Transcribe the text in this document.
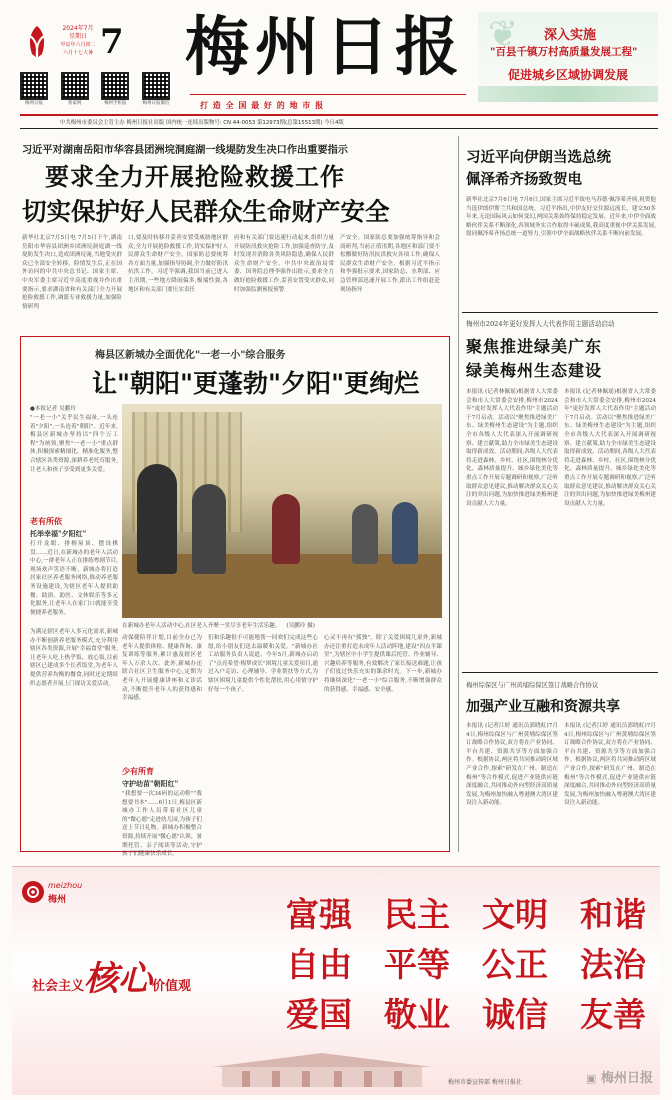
2024年7月
星期日
甲辰年六月初二
六月十七大暑 7
梅州日报	客家网	梅州手机报	梅州日报微信
梅州日报
打 造 全 国 最 好 的 地 市 报
❦ 深入实施
"百县千镇万村高质量发展工程"
促进城乡区域协调发展
中共梅州市委员会主管主办 梅州日报社出版 国内统一连续出版物号: CN 44-0053 第12973期(总第15513期) 今日4版
习近平对湖南岳阳市华容县团洲垸洞庭湖一线堤防发生决口作出重要指示
要求全力开展抢险救援工作
切实保护好人民群众生命财产安全
新华社北京7月5日电 7月5日下午,湖南岳阳市华容县团洲乡团洲垸洞庭湖一线堤防发生决口,造成团洲垸淹,当地受灾群众已全部安全转移。险情发生后,正在国外访问的中共中央总书记、国家主席、中央军委主席习近平高度重视并作出重要指示,要求湖南省和有关部门全力开展抢险救援工作,调派专业救援力量,加强险情研判
口,要及时转移并妥善安置受威胁地区群众,全力开展抢险救援工作,切实保护好人民群众生命财产安全。国家防总要统筹各方面力量,加强指导协调,全力做好防汛抗洪工作。习近平强调,我国当前已进入主汛期,一些地方降雨偏多,极端性强,各地区和有关部门要压实责任
府和有关部门要迅速行动起来,组织力量开展防汛救灾抢险工作,加强巡查防守,及时发现并消除各类风险隐患,确保人民群众生命财产安全。中共中央政治局常委、国务院总理李强作出批示,要求全力做好抢险救援工作,妥善安置受灾群众,同时加强监测预报预警
产安全。国家防总要加强统筹指导和会商研判,当前正值汛期,各地区和部门要不松懈做好防汛抗洪救灾各项工作,确保人民群众生命财产安全。根据习近平指示和李强批示要求,国家防总、水利部、应急管理部迅速开展工作,派出工作组赶赴现场指导
梅县区新城办全面优化"一老一小"综合服务
让"朝阳"更蓬勃"夕阳"更绚烂
●本报记者 吴鹏玲
"一老一小"关乎民生福祉,一头连着"夕阳",一头连着"朝阳"。近年来,梅县区新城办坚持以"四个万工程"为统领,聚焦"一老一小"重点群体,积极探索精细化、精准化服务,整合辖区各类资源,深耕养老托育服务,让老人和孩子享受到更多关爱。
老有所依
托举幸福"夕阳红"
打开龙眼、排榕屋顶、摆设棋盘……近日,在新城办的老年人活动中心,一群老年人正在排练粤剧节目,现场欢声笑语不断。新城办将打造居家社区养老服务网络,推动养老服务设施建设,为辖区老年人提供助餐、助浴、助医、文体娱乐等多元化服务,让老年人在家门口就能享受便捷养老服务。
在新城办老年人活动中心,社区老人齐聚一堂尽享老年生活乐趣。 (吴鹏玲 摄)
为满足辖区老年人多元化需求,新城办不断创新养老服务模式,充分利用辖区各类资源,开展"幸福食堂"服务,让老年人吃上热乎饭、放心饭,目前辖区已建成多个长者饭堂,为老年人提供营养均衡的餐食,同时还定期组织志愿者开展上门探访关爱活动。
动保健陪伴计划,目前全办已为老年人提供体检、健康咨询、康复训练等服务,累计惠及辖区老年人万余人次。此外,新城办还联合社区卫生服务中心,定期为老年人开展健康讲座和义诊活动,不断提升老年人的获得感和幸福感。
少有所育
守护幼苗"朝阳红"
"我想要一次34码的运动鞋""我想要书本"……6月1日,梅县区新城办工作人员带着社区儿童的"微心愿"走进幼儿园,为孩子们送上节日礼物。新城办积极整合资源,持续开展"微心愿"认领、暑期托管、亲子阅读等活动,守护孩子们健康快乐成长。
们和乐趣很不可能地帮一同欢们完成这些心愿,给小朋友们送去温暖和关爱。"新城办社工站服务负责人说道。今年5月,新城办启动了"点亮希望·梅梦成长"困境儿童关爱项目,通过入户走访、心理辅导、学业帮扶等方式,为辖区困境儿童提供个性化帮扶,用心用情守护好每一个孩子。
心灵不再有"孤独"。除了关爱困境儿童外,新城办还注重打造未成年人活动阵地,建设"四点半课堂",为辖区中小学生提供课后托管、作业辅导、兴趣培养等服务,有效解决了家长接送难题,让孩子们度过快乐充实的课余时光。下一步,新城办将继续深化"一老一小"综合服务,不断增强群众的获得感、幸福感、安全感。
习近平向伊朗当选总统
佩泽希齐扬致贺电
新华社北京7月6日电 7月6日,国家主席习近平致电马苏德·佩泽希齐扬,祝贺他当选伊朗伊斯兰共和国总统。习近平指出,中伊友好交往源远流长。建交50多年来,无论国际风云如何变幻,两国关系始终保持稳定发展。近年来,中伊全面战略伙伴关系不断深化,各领域务实合作取得丰硕成果,我高度重视中伊关系发展,愿同佩泽希齐扬总统一道努力,引领中伊全面战略伙伴关系不断向前发展。
梅州市2024年更好发挥人大代表作用主题活动启动
聚焦推进绿美广东
绿美梅州生态建设
本报讯 (记者林佩瑶)根据省人大常委会和市人大常委会安排,梅州市2024年"更好发挥人大代表作用"主题活动于7月启动。活动以"聚焦推进绿美广东、绿美梅州生态建设"为主题,组织全市各级人大代表深入开展调研视察、建言献策,助力全市绿美生态建设取得新成效。活动期间,各级人大代表将走进森林、乡村、社区,围绕林分优化、森林质量提升、城乡绿化美化等重点工作开展专题调研和视察,广泛听取群众意见建议,推动解决群众关心关注的突出问题,为加快推进绿美梅州建设贡献人大力量。
本报讯 (记者林佩瑶)根据省人大常委会和市人大常委会安排,梅州市2024年"更好发挥人大代表作用"主题活动于7月启动。活动以"聚焦推进绿美广东、绿美梅州生态建设"为主题,组织全市各级人大代表深入开展调研视察、建言献策,助力全市绿美生态建设取得新成效。活动期间,各级人大代表将走进森林、乡村、社区,围绕林分优化、森林质量提升、城乡绿化美化等重点工作开展专题调研和视察,广泛听取群众意见建议,推动解决群众关心关注的突出问题,为加快推进绿美梅州建设贡献人大力量。
梅州综保区与广州黄埔综保区签订战略合作协议
加强产业互融和资源共享
本报讯 (记者江婷 通讯员郭晓虹)7月4日,梅州综保区与广州黄埔综保区签订战略合作协议,双方将在产业协同、平台共建、资源共享等方面加强合作。根据协议,两区将共同推动跨区域产业合作,探索"研发在广州、制造在梅州"等合作模式,促进产业链供应链深度融合,共同推动外向型经济高质量发展,为梅州加快融入粤港澳大湾区建设注入新动能。
本报讯 (记者江婷 通讯员郭晓虹)7月4日,梅州综保区与广州黄埔综保区签订战略合作协议,双方将在产业协同、平台共建、资源共享等方面加强合作。根据协议,两区将共同推动跨区域产业合作,探索"研发在广州、制造在梅州"等合作模式,促进产业链供应链深度融合,共同推动外向型经济高质量发展,为梅州加快融入粤港澳大湾区建设注入新动能。
meizhou
梅州
社会主义核心价值观
富强 民主 文明 和谐
自由 平等 公正 法治
爱国 敬业 诚信 友善
梅州市委宣传部 梅州日报社	▣ 梅州日报
